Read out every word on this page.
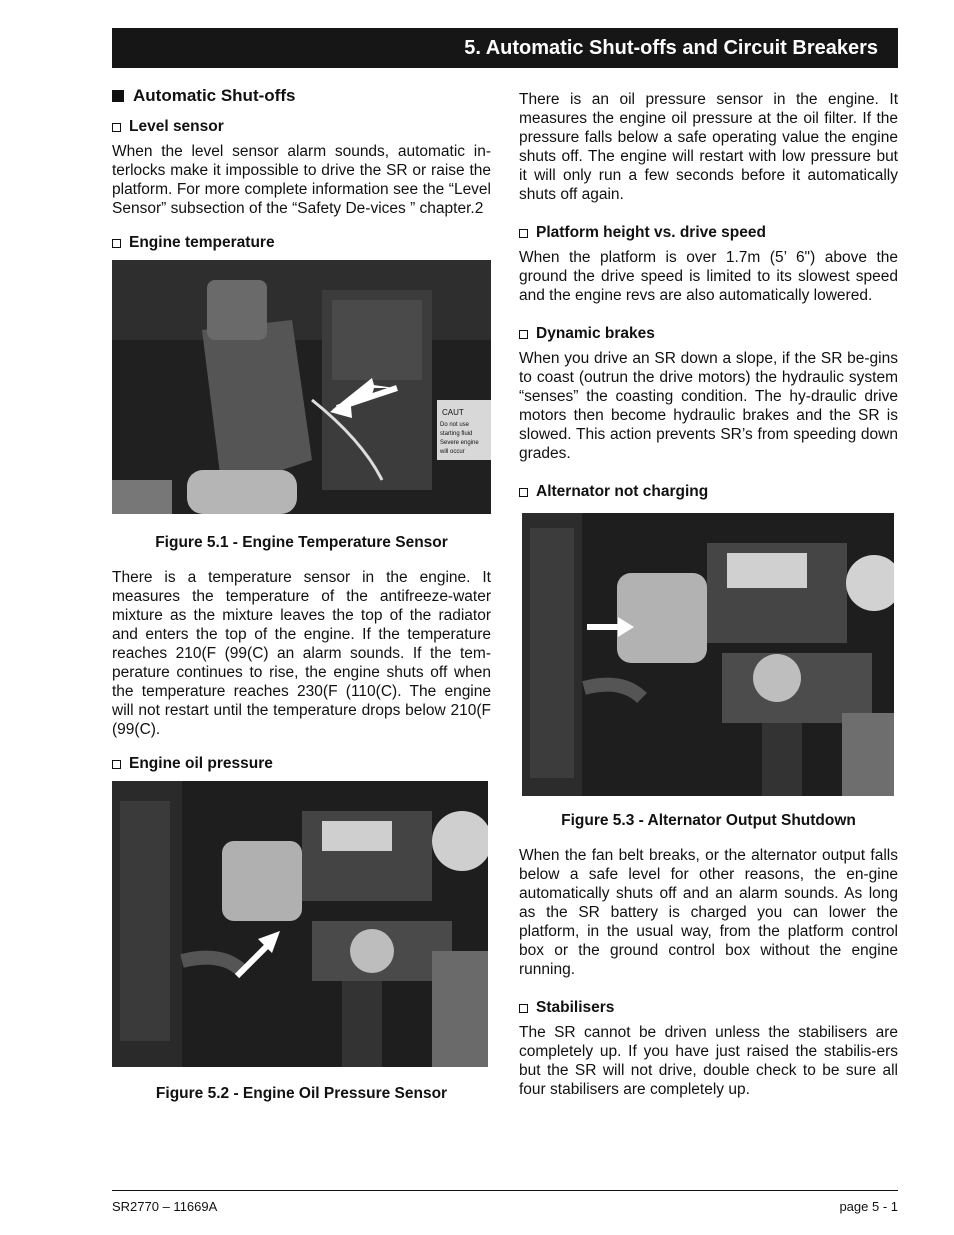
5. Automatic Shut-offs and Circuit Breakers
Automatic Shut-offs
Level sensor

When the level sensor alarm sounds, automatic in-terlocks make it impossible to drive the SR or raise the platform. For more complete information see the “Level Sensor” subsection of the “Safety De-vices ” chapter.2

Engine temperature
CAUT
Do not use
starting fluid
Severe engine
will occur
Figure 5.1 - Engine Temperature Sensor

There is a temperature sensor in the engine. It measures the temperature of the antifreeze-water mixture as the mixture leaves the top of the radiator and enters the top of the engine. If the temperature reaches 210(F (99(C) an alarm sounds. If the tem-perature continues to rise, the engine shuts off when the temperature reaches 230(F (110(C). The engine will not restart until the temperature drops below 210(F (99(C).

Engine oil pressure
Figure 5.2 - Engine Oil Pressure Sensor

There is an oil pressure sensor in the engine. It measures the engine oil pressure at the oil filter. If the pressure falls below a safe operating value the engine shuts off. The engine will restart with low pressure but it will only run a few seconds before it automatically shuts off again.

Platform height vs. drive speed

When the platform is over 1.7m (5’ 6") above the ground the drive speed is limited to its slowest speed and the engine revs are also automatically lowered.

Dynamic brakes

When you drive an SR down a slope, if the SR be-gins to coast (outrun the drive motors) the hydraulic system “senses” the coasting condition. The hy-draulic drive motors then become hydraulic brakes and the SR is slowed. This action prevents SR’s from speeding down grades.

Alternator not charging
Figure 5.3 - Alternator Output Shutdown

When the fan belt breaks, or the alternator output falls below a safe level for other reasons, the en-gine automatically shuts off and an alarm sounds. As long as the SR battery is charged you can lower the platform, in the usual way, from the platform control box or the ground control box without the engine running.

Stabilisers

The SR cannot be driven unless the stabilisers are completely up. If you have just raised the stabilis-ers but the SR will not drive, double check to be sure all four stabilisers are completely up.

SR2770 – 11669A	page 5 - 1
